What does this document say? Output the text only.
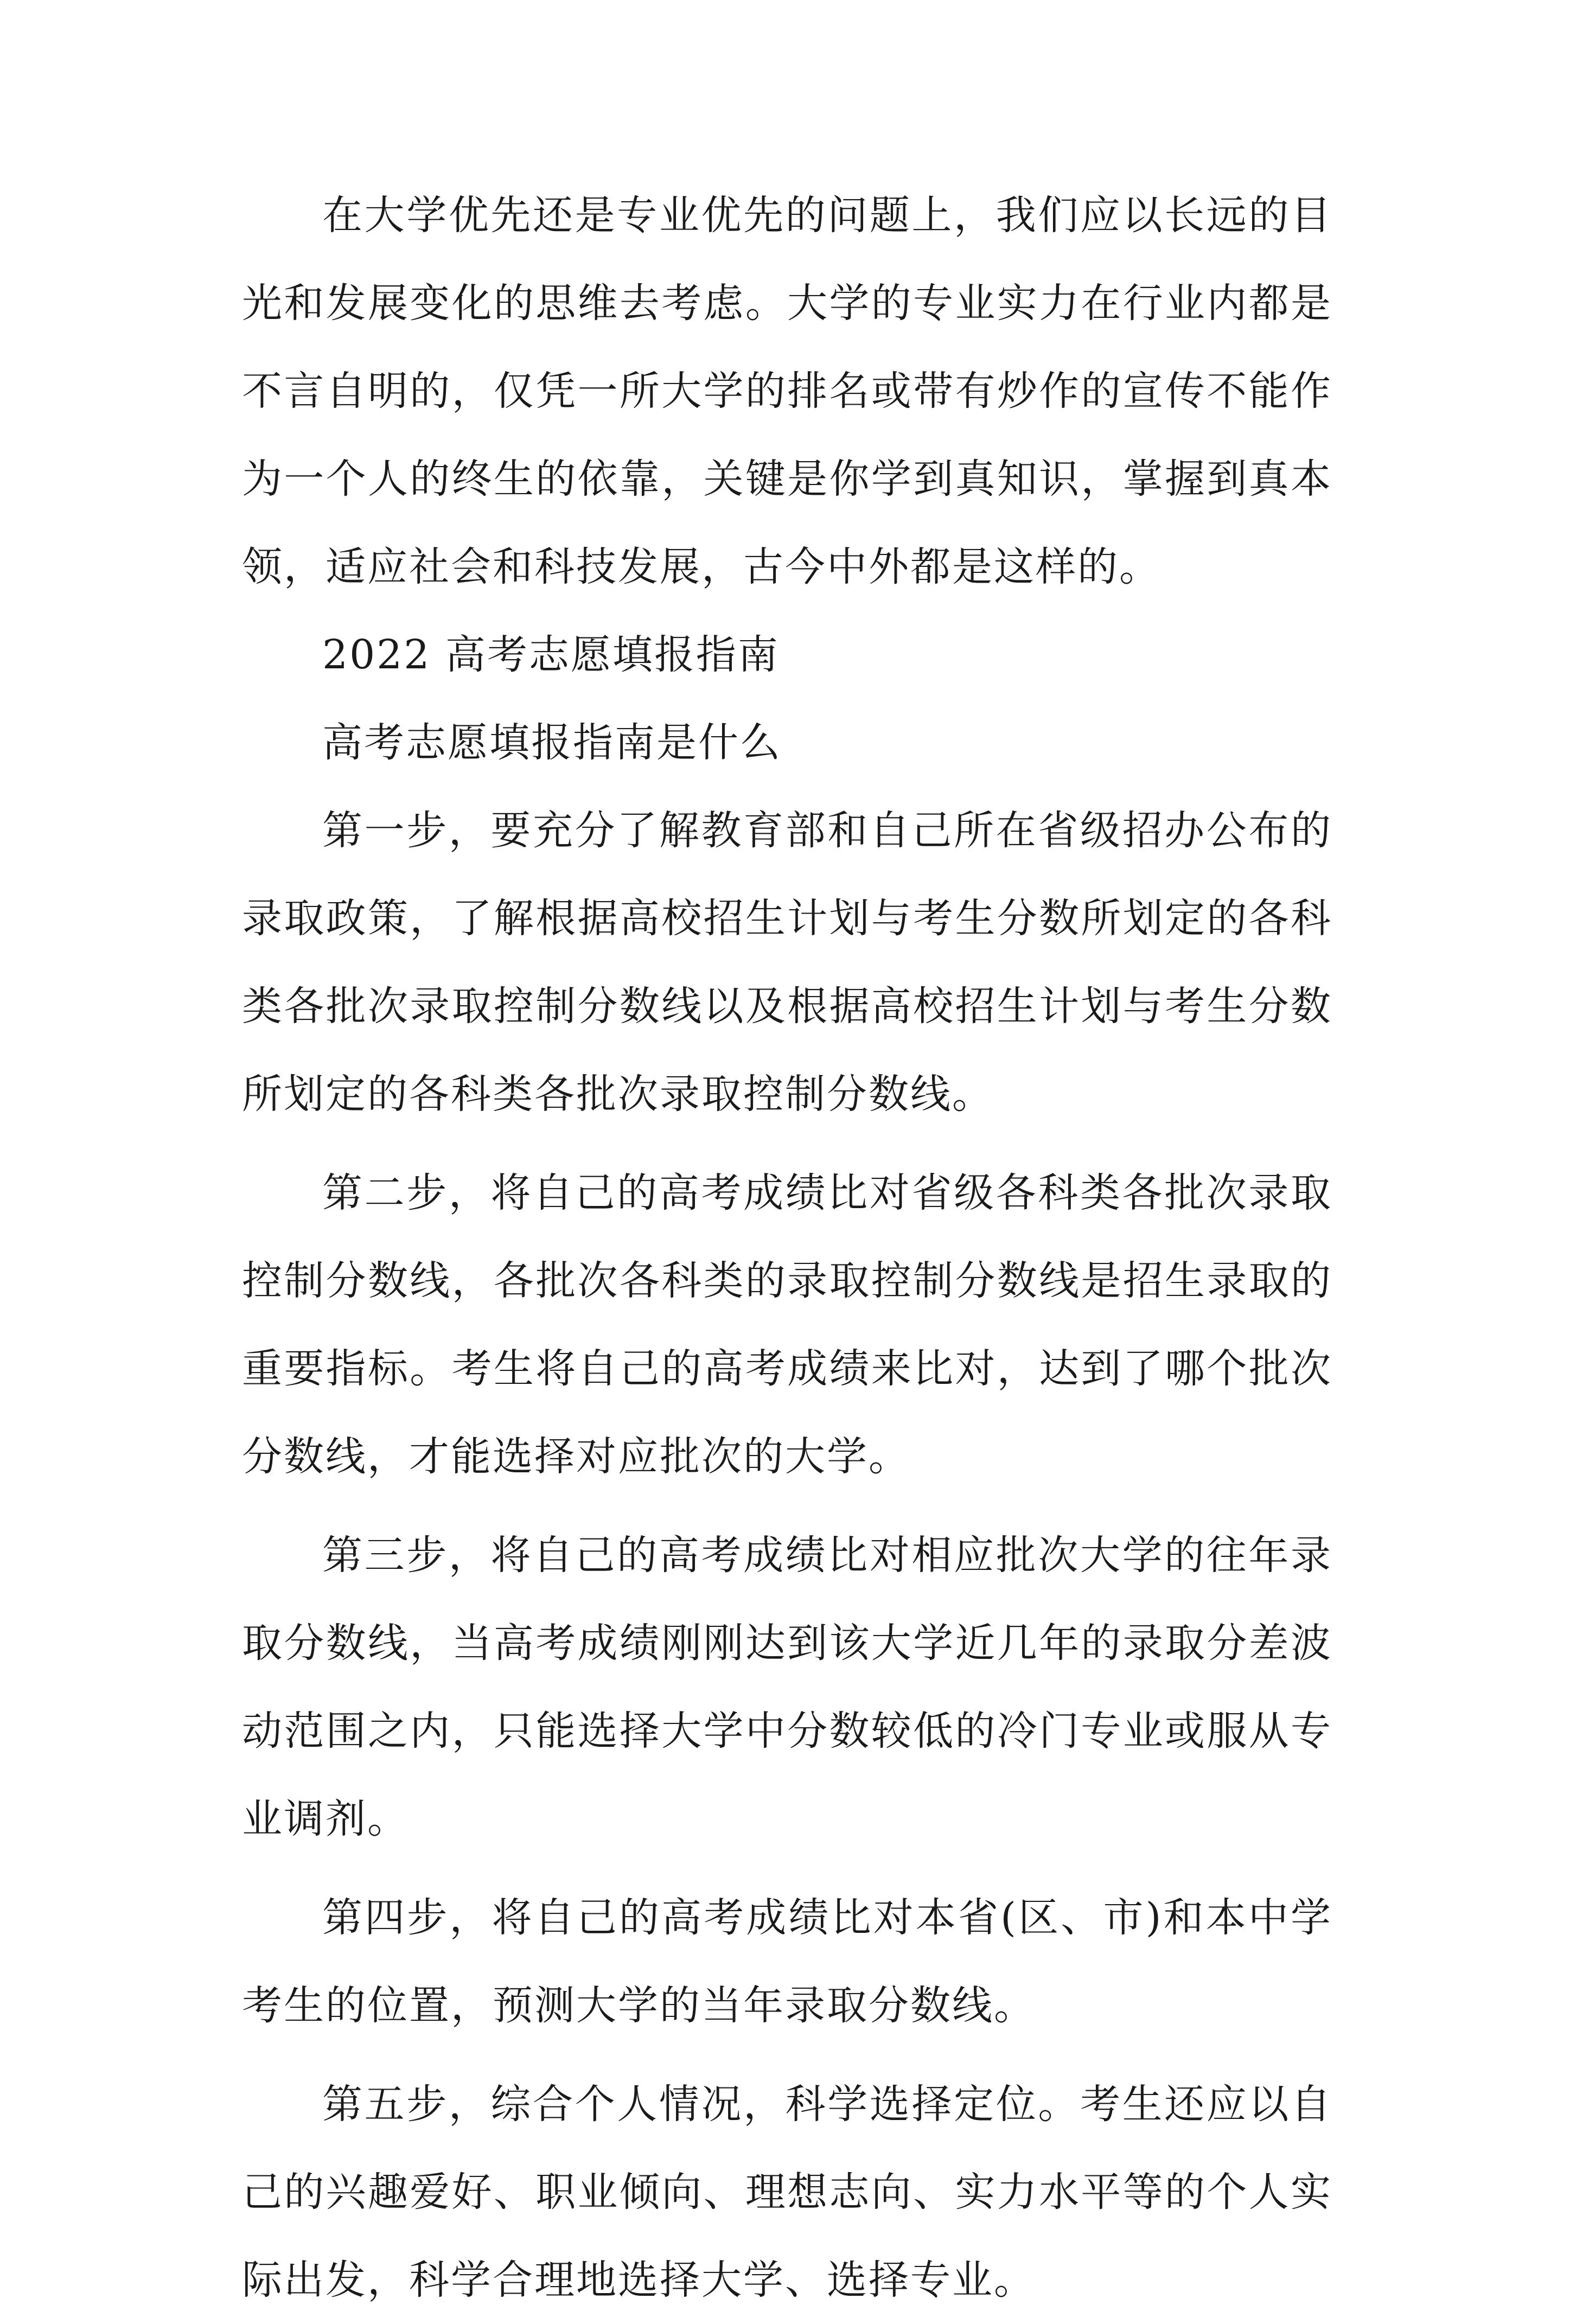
在大学优先还是专业优先的问题上，我们应以长远的目光和发展变化的思维去考虑。大学的专业实力在行业内都是不言自明的，仅凭一所大学的排名或带有炒作的宣传不能作为一个人的终生的依靠，关键是你学到真知识，掌握到真本领，适应社会和科技发展，古今中外都是这样的。

2022 高考志愿填报指南

高考志愿填报指南是什么

第一步，要充分了解教育部和自己所在省级招办公布的录取政策，了解根据高校招生计划与考生分数所划定的各科类各批次录取控制分数线以及根据高校招生计划与考生分数所划定的各科类各批次录取控制分数线。

第二步，将自己的高考成绩比对省级各科类各批次录取控制分数线，各批次各科类的录取控制分数线是招生录取的重要指标。考生将自己的高考成绩来比对，达到了哪个批次分数线，才能选择对应批次的大学。

第三步，将自己的高考成绩比对相应批次大学的往年录取分数线，当高考成绩刚刚达到该大学近几年的录取分差波动范围之内，只能选择大学中分数较低的冷门专业或服从专业调剂。

第四步，将自己的高考成绩比对本省(区、市)和本中学考生的位置，预测大学的当年录取分数线。

第五步，综合个人情况，科学选择定位。考生还应以自己的兴趣爱好、职业倾向、理想志向、实力水平等的个人实际出发，科学合理地选择大学、选择专业。
